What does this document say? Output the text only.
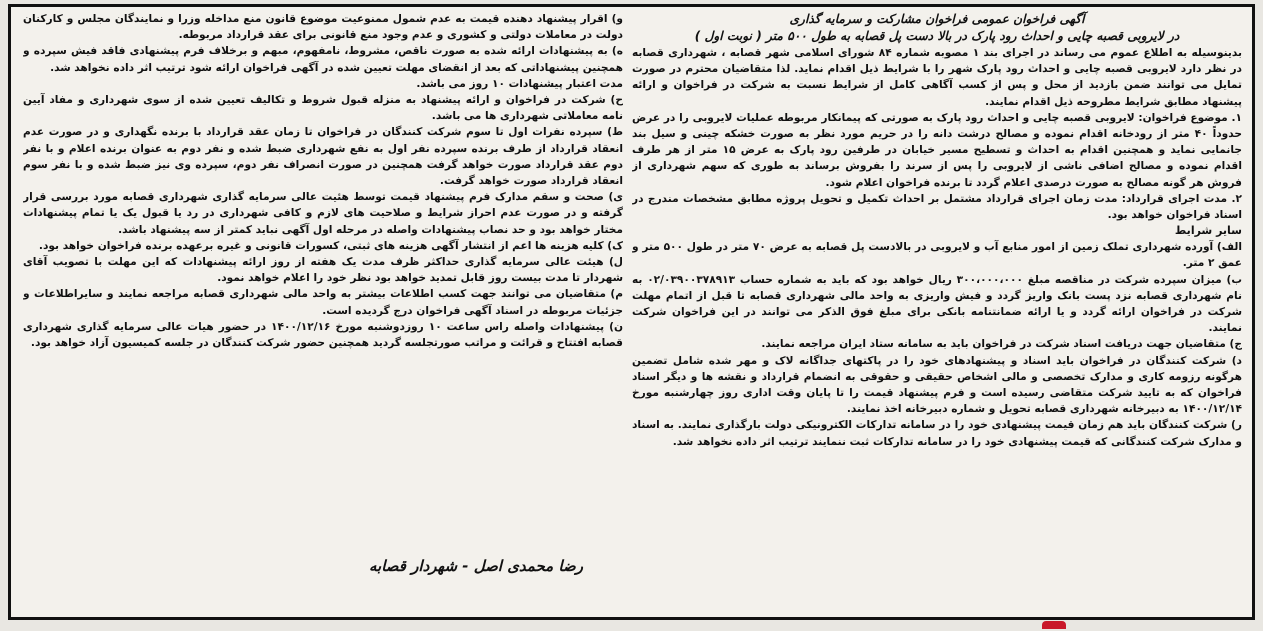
آگهی فراخوان عمومی فراخوان مشارکت و سرمایه گذاری

در لایروبی قصبه چایی و احداث رود پارک در بالا دست پل قصابه به طول ۵۰۰ متر ( نوبت اول )

بدینوسیله به اطلاع عموم می رساند در اجرای بند ۱ مصوبه شماره ۸۴ شورای اسلامی شهر قصابه ، شهرداری قصابه در نظر دارد لایروبی قصبه چایی و احداث رود پارک شهر را با شرایط ذیل اقدام نماید. لذا متقاضیان محترم در صورت تمایل می توانند ضمن بازدید از محل و پس از کسب آگاهی کامل از شرایط نسبت به شرکت در فراخوان و ارائه پیشنهاد مطابق شرایط مطروحه ذیل اقدام نمایند.

۱. موضوع فراخوان: لایروبی قصبه چایی و احداث رود پارک به صورتی که پیمانکار مربوطه عملیات لایروبی را در عرض حدوداً ۴۰ متر از رودخانه اقدام نموده و مصالح درشت دانه را در حریم مورد نظر به صورت خشکه چینی و سیل بند جانمایی نماید و همچنین اقدام به احداث و تسطیح مسیر خیابان در طرفین رود پارک به عرض ۱۵ متر از هر طرف اقدام نموده و مصالح اضافی ناشی از لایروبی را پس از سرند را بفروش برساند به طوری که سهم شهرداری از فروش هر گونه مصالح به صورت درصدی اعلام گردد تا برنده فراخوان اعلام شود.

۲. مدت اجرای قرارداد: مدت زمان اجرای قرارداد مشتمل بر احداث تکمیل و تحویل پروژه مطابق مشخصات مندرج در اسناد فراخوان خواهد بود.

سایر شرایط

الف) آورده شهرداری تملک زمین از امور منابع آب و لایروبی در بالادست پل قصابه به عرض ۷۰ متر در طول ۵۰۰ متر و عمق ۲ متر.

ب) میزان سپرده شرکت در مناقصه مبلغ ۳۰۰،۰۰۰،۰۰۰ ریال خواهد بود که باید به شماره حساب ۰۲/۰۳۹۰۰۳۷۸۹۱۳ به نام شهرداری قصابه نزد پست بانک واریز گردد و فیش واریزی به واحد مالی شهرداری قصابه تا قبل از اتمام مهلت شرکت در فراخوان ارائه گردد و یا ارائه ضمانتنامه بانکی برای مبلغ فوق الذکر می توانند در این فراخوان شرکت نمایند.

ج) متقاضیان جهت دریافت اسناد شرکت در فراخوان باید به سامانه ستاد ایران مراجعه نمایند.

د) شرکت کنندگان در فراخوان باید اسناد و پیشنهادهای خود را در پاکتهای جداگانه لاک و مهر شده شامل تضمین هرگونه رزومه کاری و مدارک تخصصی و مالی اشخاص حقیقی و حقوقی به انضمام قرارداد و نقشه ها و دیگر اسناد فراخوان که به تایید شرکت متقاضی رسیده است و فرم پیشنهاد قیمت را تا پایان وقت اداری روز چهارشنبه مورخ ۱۴۰۰/۱۲/۱۴ به دبیرخانه شهرداری قصابه تحویل و شماره دبیرخانه اخذ نمایند.

ر) شرکت کنندگان باید هم زمان قیمت پیشنهادی خود را در سامانه تدارکات الکترونیکی دولت بارگذاری نمایند. به اسناد و مدارک شرکت کنندگانی که قیمت پیشنهادی خود را در سامانه تدارکات ثبت ننمایند ترتیب اثر داده نخواهد شد.

و) اقرار پیشنهاد دهنده قیمت به عدم شمول ممنوعیت موضوع قانون منع مداخله وزرا و نمایندگان مجلس و کارکنان دولت در معاملات دولتی و کشوری و عدم وجود منع قانونی برای عقد قرارداد مربوطه.

ه) به پیشنهادات ارائه شده به صورت ناقص، مشروط، نامفهوم، مبهم و برخلاف فرم پیشنهادی فاقد فیش سپرده و همچنین پیشنهاداتی که بعد از انقضای مهلت تعیین شده در آگهی فراخوان ارائه شود ترتیب اثر داده نخواهد شد.

مدت اعتبار پیشنهادات ۱۰ روز می باشد.

ح) شرکت در فراخوان و ارائه پیشنهاد به منزله قبول شروط و تکالیف تعیین شده از سوی شهرداری و مفاد آیین نامه معاملاتی شهرداری ها می باشد.

ط) سپرده نفرات اول تا سوم شرکت کنندگان در فراخوان تا زمان عقد قرارداد با برنده نگهداری و در صورت عدم انعقاد قرارداد از طرف برنده سپرده نفر اول به نفع شهرداری ضبط شده و نفر دوم به عنوان برنده اعلام و با نفر دوم عقد قرارداد صورت خواهد گرفت همچنین در صورت انصراف نفر دوم، سپرده وی نیز ضبط شده و با نفر سوم انعقاد قرارداد صورت خواهد گرفت.

ی) صحت و سقم مدارک فرم پیشنهاد قیمت توسط هئیت عالی سرمایه گذاری شهرداری قصابه مورد بررسی قرار گرفته و در صورت عدم احراز شرایط و صلاحیت های لازم و کافی شهرداری در رد یا قبول یک یا تمام پیشنهادات مختار خواهد بود و حد نصاب پیشنهادات واصله در مرحله اول آگهی نباید کمتر از سه پیشنهاد باشد.

ک) کلیه هزینه ها اعم از انتشار آگهی هزینه های ثبتی، کسورات قانونی و غیره برعهده برنده فراخوان خواهد بود.

ل) هیئت عالی سرمایه گذاری حداکثر ظرف مدت یک هفته از روز ارائه پیشنهادات که این مهلت با تصویب آقای شهردار تا مدت بیست روز قابل تمدید خواهد بود نظر خود را اعلام خواهد نمود.

م) متقاضیان می توانند جهت کسب اطلاعات بیشتر به واحد مالی شهرداری قصابه مراجعه نمایند و سایراطلاعات و جزئیات مربوطه در اسناد آگهی فراخوان درج گردیده است.

ن) پیشنهادات واصله راس ساعت ۱۰ روزدوشنبه مورخ ۱۴۰۰/۱۲/۱۶ در حضور هیات عالی سرمایه گذاری شهرداری قصابه افتتاح و قرائت و مراتب صورتجلسه گردید همچنین حضور شرکت کنندگان در جلسه کمیسیون آزاد خواهد بود.

رضا محمدی اصل - شهردار قصابه
